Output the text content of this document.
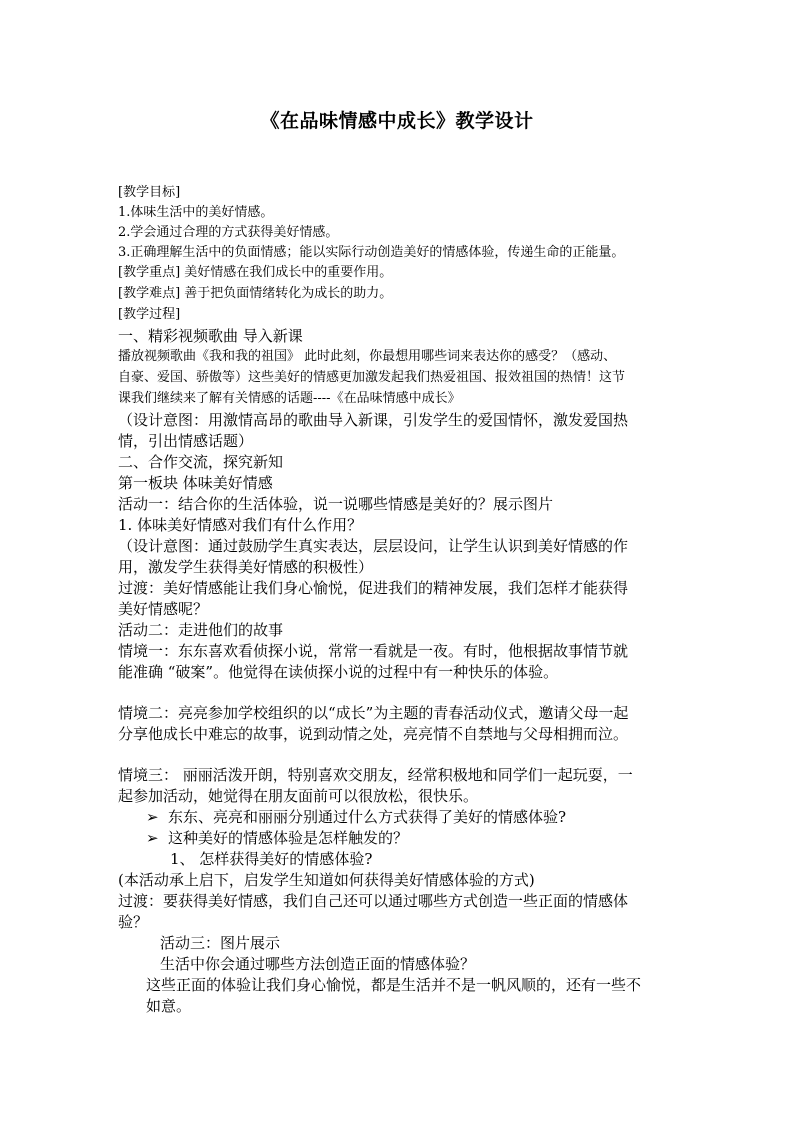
《在品味情感中成长》教学设计
[教学目标]
1.体味生活中的美好情感。
2.学会通过合理的方式获得美好情感。
3.正确理解生活中的负面情感；能以实际行动创造美好的情感体验，传递生命的正能量。
[教学重点] 美好情感在我们成长中的重要作用。
[教学难点] 善于把负面情绪转化为成长的助力。
[教学过程]
一、精彩视频歌曲 导入新课
播放视频歌曲《我和我的祖国》 此时此刻，你最想用哪些词来表达你的感受？（感动、
自豪、爱国、骄傲等）这些美好的情感更加激发起我们热爱祖国、报效祖国的热情！这节
课我们继续来了解有关情感的话题----《在品味情感中成长》
（设计意图：用激情高昂的歌曲导入新课，引发学生的爱国情怀，激发爱国热
情，引出情感话题）
二、合作交流，探究新知
第一板块 体味美好情感
活动一：结合你的生活体验，说一说哪些情感是美好的？展示图片
1. 体味美好情感对我们有什么作用？
（设计意图：通过鼓励学生真实表达，层层设问，让学生认识到美好情感的作
用，激发学生获得美好情感的积极性）
过渡：美好情感能让我们身心愉悦，促进我们的精神发展，我们怎样才能获得
美好情感呢？
活动二：走进他们的故事
情境一：东东喜欢看侦探小说，常常一看就是一夜。有时，他根据故事情节就
能准确 “破案”。他觉得在读侦探小说的过程中有一种快乐的体验。
情境二：亮亮参加学校组织的以“成长”为主题的青春活动仪式，邀请父母一起
分享他成长中难忘的故事，说到动情之处，亮亮情不自禁地与父母相拥而泣。
情境三： 丽丽活泼开朗，特别喜欢交朋友，经常积极地和同学们一起玩耍，一
起参加活动，她觉得在朋友面前可以很放松，很快乐。
➢ 东东、亮亮和丽丽分别通过什么方式获得了美好的情感体验?
➢ 这种美好的情感体验是怎样触发的？
1、 怎样获得美好的情感体验?
(本活动承上启下，启发学生知道如何获得美好情感体验的方式)
过渡：要获得美好情感，我们自己还可以通过哪些方式创造一些正面的情感体
验？
活动三：图片展示
生活中你会通过哪些方法创造正面的情感体验？
这些正面的体验让我们身心愉悦，都是生活并不是一帆风顺的，还有一些不
如意。
